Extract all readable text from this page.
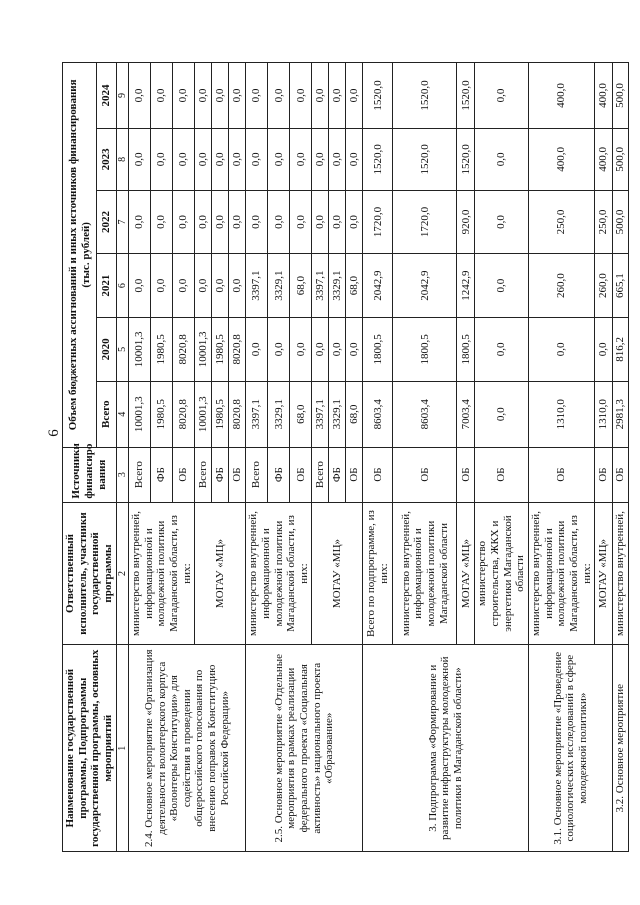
6
Наименование государственной программы, Подпрограммы государственной программы, основных мероприятий	Ответственный исполнитель, участники государственной программы	Источники финансиро вания	Объем бюджетных ассигнований и иных источников финансирования (тыс. рублей)					
			Всего	2020	2021	2022	2023	2024
1	2	3	4	5	6	7	8	9
2.4. Основное мероприятие «Организация деятельности волонтерского корпуса «Волонтеры Конституции» для содействия в проведении общероссийского голосования по внесению поправок в Конституцию Российской Федерации»	министерство внутренней, информационной и молодежной политики Магаданской области, из них:	Всего	10001,3	10001,3	0,0	0,0	0,0	0,0
		ФБ	1980,5	1980,5	0,0	0,0	0,0	0,0
		ОБ	8020,8	8020,8	0,0	0,0	0,0	0,0
	МОГАУ «МЦ»	Всего	10001,3	10001,3	0,0	0,0	0,0	0,0
		ФБ	1980,5	1980,5	0,0	0,0	0,0	0,0
		ОБ	8020,8	8020,8	0,0	0,0	0,0	0,0
2.5. Основное мероприятие «Отдельные мероприятия в рамках реализации федерального проекта «Социальная активность» национального проекта «Образование»	министерство внутренней, информационной и молодежной политики Магаданской области, из них:	Всего	3397,1	0,0	3397,1	0,0	0,0	0,0
		ФБ	3329,1	0,0	3329,1	0,0	0,0	0,0
		ОБ	68,0	0,0	68,0	0,0	0,0	0,0
	МОГАУ «МЦ»	Всего	3397,1	0,0	3397,1	0,0	0,0	0,0
		ФБ	3329,1	0,0	3329,1	0,0	0,0	0,0
		ОБ	68,0	0,0	68,0	0,0	0,0	0,0
3. Подпрограмма «Формирование и развитие инфраструктуры молодежной политики в Магаданской области»	Всего по подпрограмме, из них:	ОБ	8603,4	1800,5	2042,9	1720,0	1520,0	1520,0
	министерство внутренней, информационной и молодежной политики Магаданской области	ОБ	8603,4	1800,5	2042,9	1720,0	1520,0	1520,0
	МОГАУ «МЦ»	ОБ	7003,4	1800,5	1242,9	920,0	1520,0	1520,0
	министерство строительства, ЖКХ и энергетики Магаданской области	ОБ	0,0	0,0	0,0	0,0	0,0	0,0
3.1. Основное мероприятие «Проведение социологических исследований в сфере молодежной политики»	министерство внутренней, информационной и молодежной политики Магаданской области, из них:	ОБ	1310,0	0,0	260,0	250,0	400,0	400,0
	МОГАУ «МЦ»	ОБ	1310,0	0,0	260,0	250,0	400,0	400,0
3.2. Основное мероприятие	министерство внутренней,	ОБ	2981,3	816,2	665,1	500,0	500,0	500,0
